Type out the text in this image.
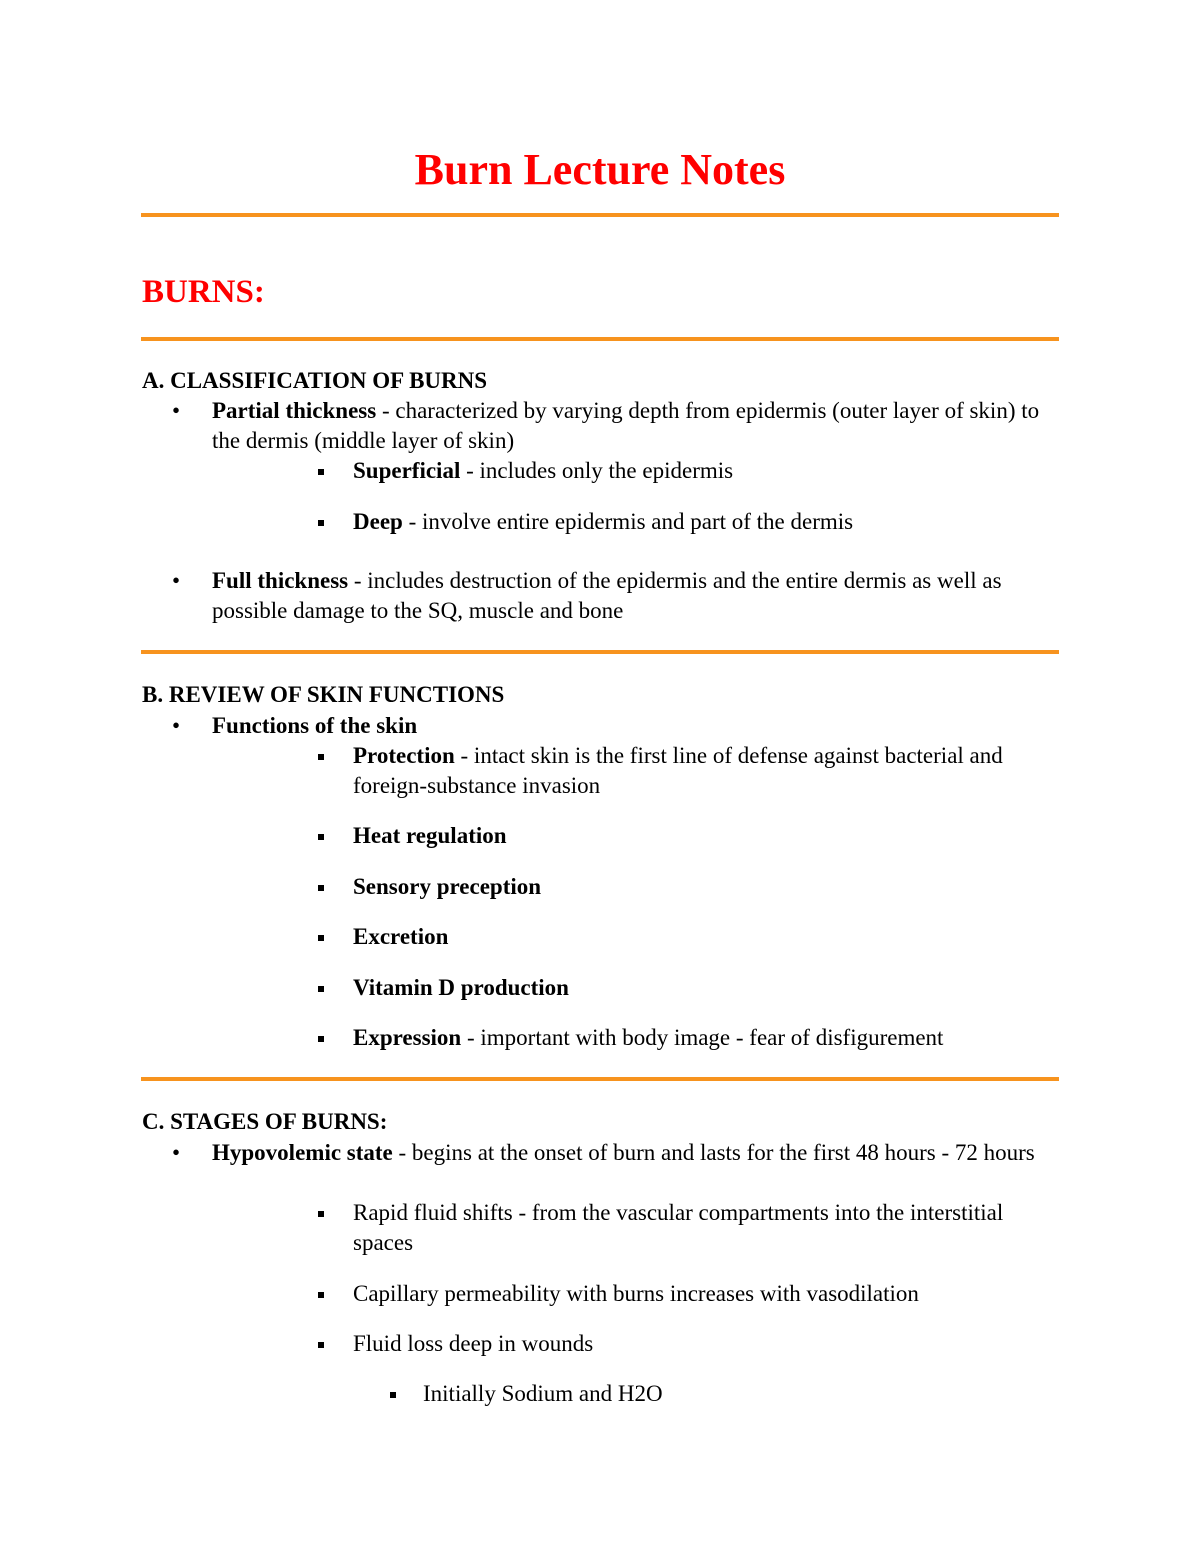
Burn Lecture Notes
BURNS:
A. CLASSIFICATION OF BURNS
• Partial thickness - characterized by varying depth from epidermis (outer layer of skin) to the dermis (middle layer of skin)
Superficial - includes only the epidermis
Deep - involve entire epidermis and part of the dermis
• Full thickness - includes destruction of the epidermis and the entire dermis as well as possible damage to the SQ, muscle and bone
B. REVIEW OF SKIN FUNCTIONS
• Functions of the skin
Protection - intact skin is the first line of defense against bacterial and foreign-substance invasion
Heat regulation
Sensory preception
Excretion
Vitamin D production
Expression - important with body image - fear of disfigurement
C. STAGES OF BURNS:
• Hypovolemic state - begins at the onset of burn and lasts for the first 48 hours - 72 hours
Rapid fluid shifts - from the vascular compartments into the interstitial spaces
Capillary permeability with burns increases with vasodilation
Fluid loss deep in wounds
Initially Sodium and H2O
